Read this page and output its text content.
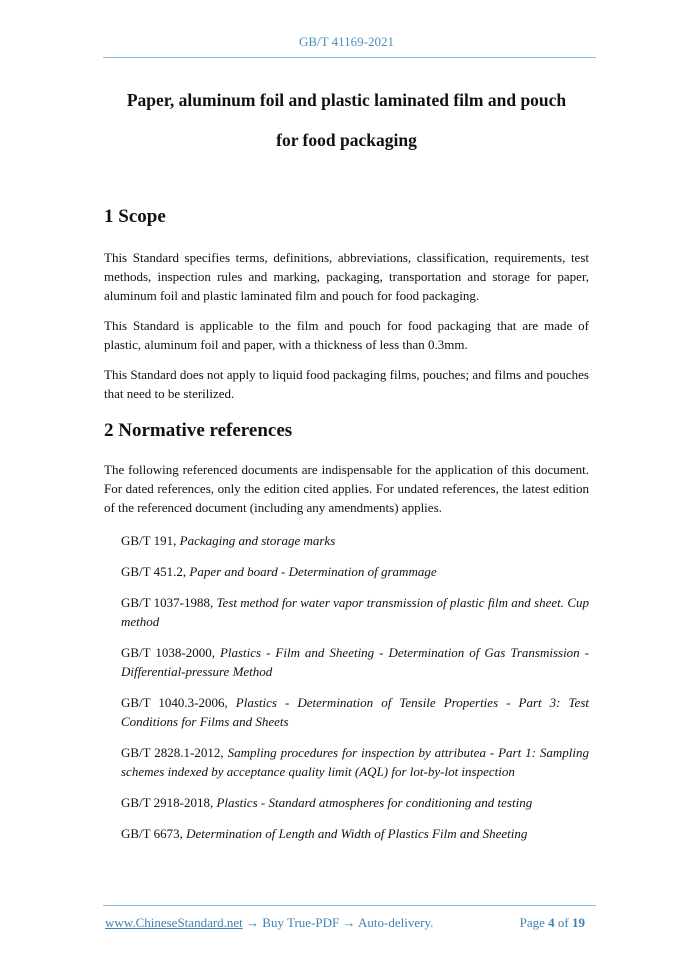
GB/T 41169-2021
Paper, aluminum foil and plastic laminated film and pouch
for food packaging
1 Scope

This Standard specifies terms, definitions, abbreviations, classification, requirements, test methods, inspection rules and marking, packaging, transportation and storage for paper, aluminum foil and plastic laminated film and pouch for food packaging.

This Standard is applicable to the film and pouch for food packaging that are made of plastic, aluminum foil and paper, with a thickness of less than 0.3mm.

This Standard does not apply to liquid food packaging films, pouches; and films and pouches that need to be sterilized.

2 Normative references

The following referenced documents are indispensable for the application of this document. For dated references, only the edition cited applies. For undated references, the latest edition of the referenced document (including any amendments) applies.

GB/T 191, Packaging and storage marks
GB/T 451.2, Paper and board - Determination of grammage
GB/T 1037-1988, Test method for water vapor transmission of plastic film and sheet. Cup method
GB/T 1038-2000, Plastics - Film and Sheeting - Determination of Gas Transmission - Differential-pressure Method
GB/T 1040.3-2006, Plastics - Determination of Tensile Properties - Part 3: Test Conditions for Films and Sheets
GB/T 2828.1-2012, Sampling procedures for inspection by attributea - Part 1: Sampling schemes indexed by acceptance quality limit (AQL) for lot-by-lot inspection
GB/T 2918-2018, Plastics - Standard atmospheres for conditioning and testing
GB/T 6673, Determination of Length and Width of Plastics Film and Sheeting
www.ChineseStandard.net → Buy True-PDF → Auto-delivery.	Page 4 of 19
